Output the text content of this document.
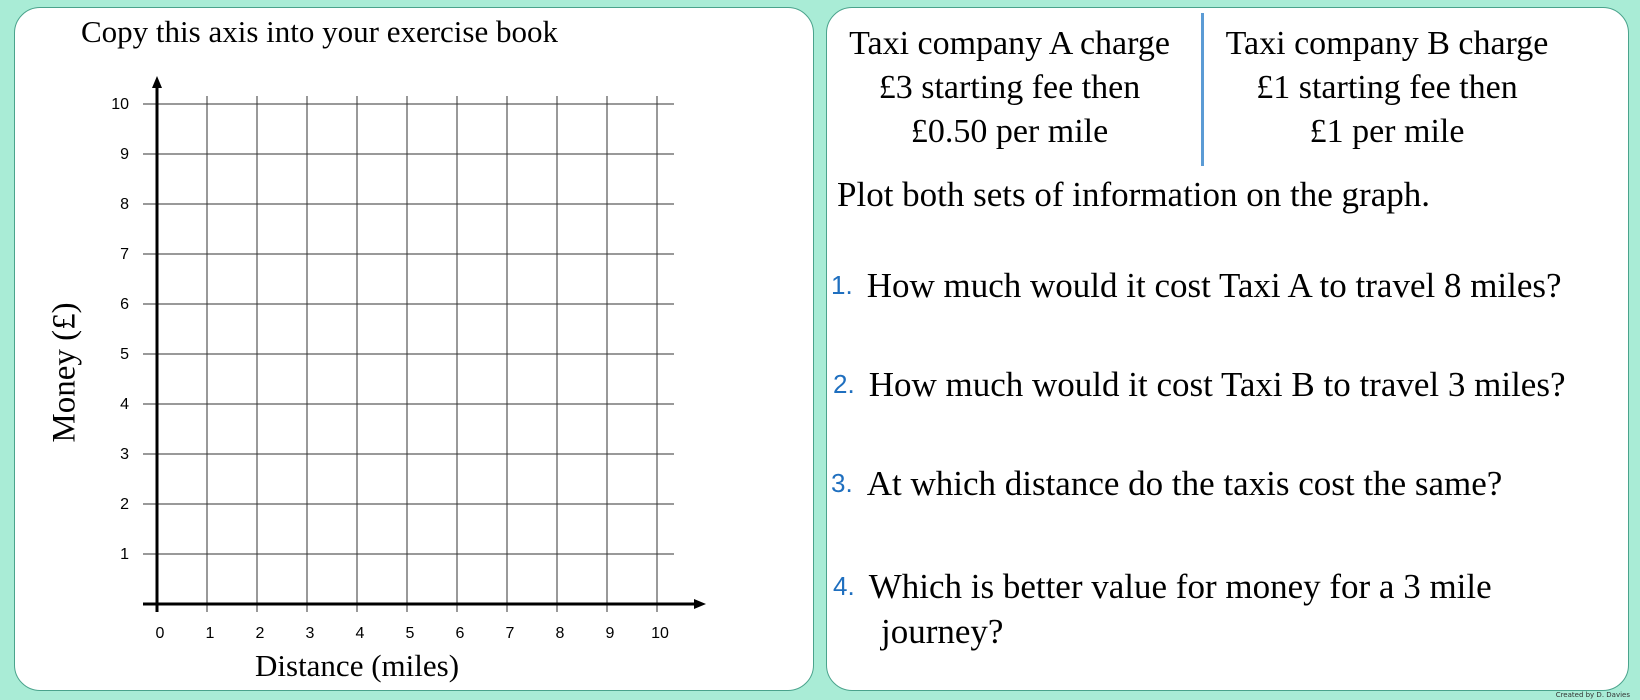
Copy this axis into your exercise book
1
2
3
4
5
6
7
8
9
10
0	1	2	3	4	5	6	7	8	9 10
Money (£)
Distance (miles)
Taxi company A charge
£3 starting fee then
£0.50 per mile
Taxi company B charge
£1 starting fee then
£1 per mile
Plot both sets of information on the graph.
1. How much would it cost Taxi A to travel 8 miles?
2. How much would it cost Taxi B to travel 3 miles?
3. At which distance do the taxis cost the same?
4. Which is better value for money for a 3 mile
journey?
Created by D. Davies
